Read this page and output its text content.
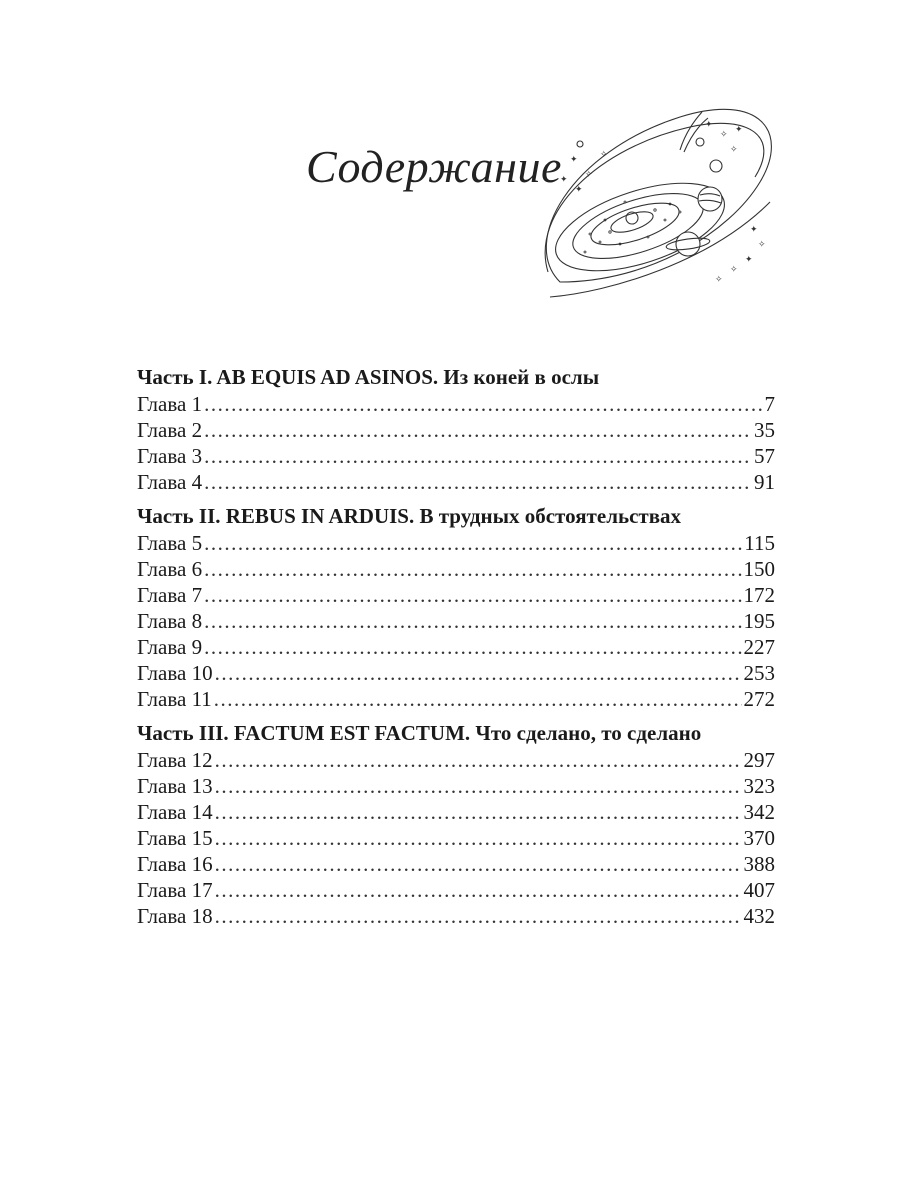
Содержание ✦
✧
✦
✧
✦
✧ ✦
✧
✦
✧
✦
✧
✧
✦
Часть I. AB EQUIS AD ASINOS. Из коней в ослы
Глава 1 .....	7
Глава 2 .....	35
Глава 3 .....	57
Глава 4 .....	91
Часть II. REBUS IN ARDUIS. В трудных обстоятельствах
Глава 5 .....	115
Глава 6 .....	150
Глава 7 .....	172
Глава 8 .....	195
Глава 9 .....	227
Глава 10 .....	253
Глава 11 .....	272
Часть III. FACTUM EST FACTUM. Что сделано, то сделано
Глава 12 .....	297
Глава 13 .....	323
Глава 14 .....	342
Глава 15 .....	370
Глава 16 .....	388
Глава 17 .....	407
Глава 18 .....	432
